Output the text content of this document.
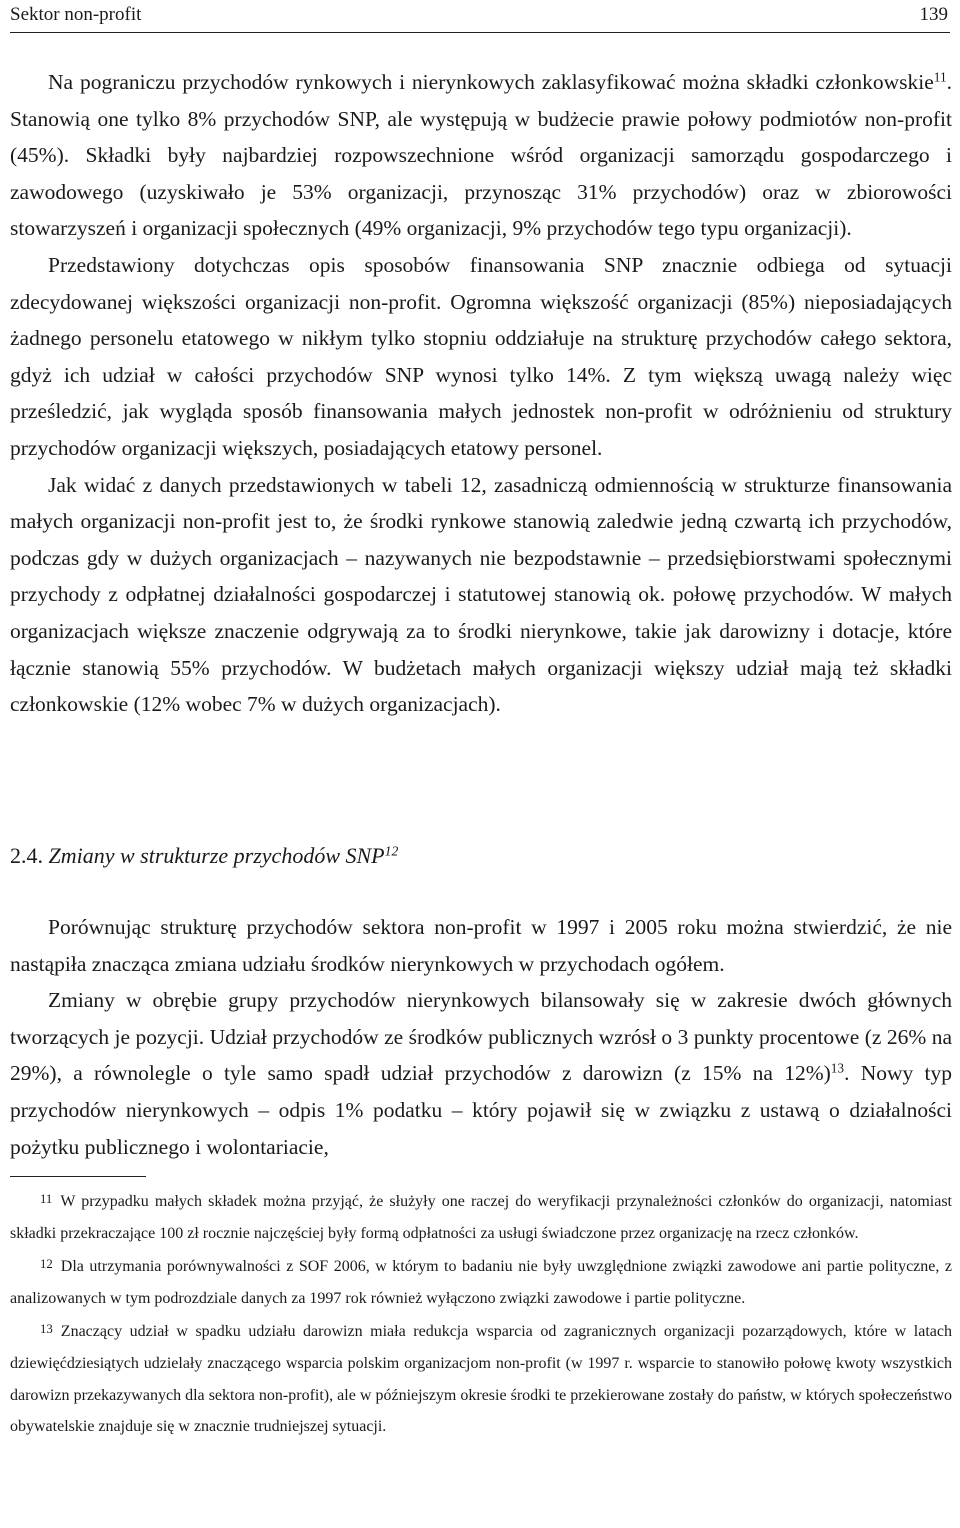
Sektor non-profit	139

Na pograniczu przychodów rynkowych i nierynkowych zaklasyfikować można składki członkowskie$^{11}$. Stanowią one tylko 8% przychodów SNP, ale występują w budżecie prawie połowy podmiotów non-profit (45%). Składki były najbardziej rozpowszechnione wśród organizacji samorządu gospodarczego i zawodowego (uzyskiwało je 53% organizacji, przynosząc 31% przychodów) oraz w zbiorowości stowarzyszeń i organizacji społecznych (49% organizacji, 9% przychodów tego typu organizacji).

Przedstawiony dotychczas opis sposobów finansowania SNP znacznie odbiega od sytuacji zdecydowanej większości organizacji non-profit. Ogromna większość organizacji (85%) nieposiadających żadnego personelu etatowego w nikłym tylko stopniu oddziałuje na strukturę przychodów całego sektora, gdyż ich udział w całości przychodów SNP wynosi tylko 14%. Z tym większą uwagą należy więc prześledzić, jak wygląda sposób finansowania małych jednostek non-profit w odróżnieniu od struktury przychodów organizacji większych, posiadających etatowy personel.

Jak widać z danych przedstawionych w tabeli 12, zasadniczą odmiennością w strukturze finansowania małych organizacji non-profit jest to, że środki rynkowe stanowią zaledwie jedną czwartą ich przychodów, podczas gdy w dużych organizacjach – nazywanych nie bezpodstawnie – przedsiębiorstwami społecznymi przychody z odpłatnej działalności gospodarczej i statutowej stanowią ok. połowę przychodów. W małych organizacjach większe znaczenie odgrywają za to środki nierynkowe, takie jak darowizny i dotacje, które łącznie stanowią 55% przychodów. W budżetach małych organizacji większy udział mają też składki członkowskie (12% wobec 7% w dużych organizacjach).

2.4. Zmiany w strukturze przychodów SNP$^{12}$

Porównując strukturę przychodów sektora non-profit w 1997 i 2005 roku można stwierdzić, że nie nastąpiła znacząca zmiana udziału środków nierynkowych w przychodach ogółem.

Zmiany w obrębie grupy przychodów nierynkowych bilansowały się w zakresie dwóch głównych tworzących je pozycji. Udział przychodów ze środków publicznych wzrósł o 3 punkty procentowe (z 26% na 29%), a równolegle o tyle samo spadł udział przychodów z darowizn (z 15% na 12%)$^{13}$. Nowy typ przychodów nierynkowych – odpis 1% podatku – który pojawił się w związku z ustawą o działalności pożytku publicznego i wolontariacie,

$^{11}$ W przypadku małych składek można przyjąć, że służyły one raczej do weryfikacji przynależności członków do organizacji, natomiast składki przekraczające 100 zł rocznie najczęściej były formą odpłatności za usługi świadczone przez organizację na rzecz członków.

$^{12}$ Dla utrzymania porównywalności z SOF 2006, w którym to badaniu nie były uwzględnione związki zawodowe ani partie polityczne, z analizowanych w tym podrozdziale danych za 1997 rok również wyłączono związki zawodowe i partie polityczne.

$^{13}$ Znaczący udział w spadku udziału darowizn miała redukcja wsparcia od zagranicznych organizacji pozarządowych, które w latach dziewięćdziesiątych udzielały znaczącego wsparcia polskim organizacjom non-profit (w 1997 r. wsparcie to stanowiło połowę kwoty wszystkich darowizn przekazywanych dla sektora non-profit), ale w późniejszym okresie środki te przekierowane zostały do państw, w których społeczeństwo obywatelskie znajduje się w znacznie trudniejszej sytuacji.
